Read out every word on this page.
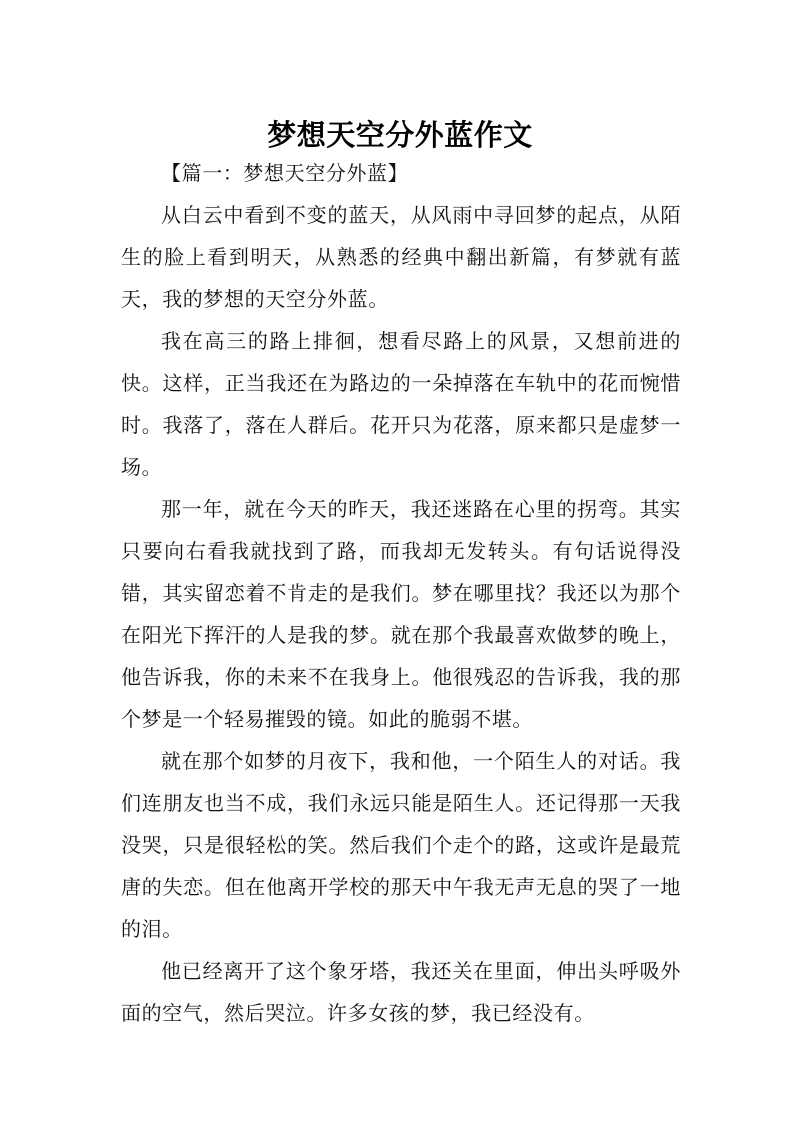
梦想天空分外蓝作文

【篇一：梦想天空分外蓝】

从白云中看到不变的蓝天，从风雨中寻回梦的起点，从陌生的脸上看到明天，从熟悉的经典中翻出新篇，有梦就有蓝天，我的梦想的天空分外蓝。

我在高三的路上排徊，想看尽路上的风景，又想前进的快。这样，正当我还在为路边的一朵掉落在车轨中的花而惋惜时。我落了，落在人群后。花开只为花落，原来都只是虚梦一场。

那一年，就在今天的昨天，我还迷路在心里的拐弯。其实只要向右看我就找到了路，而我却无发转头。有句话说得没错，其实留恋着不肯走的是我们。梦在哪里找？我还以为那个在阳光下挥汗的人是我的梦。就在那个我最喜欢做梦的晚上，他告诉我，你的未来不在我身上。他很残忍的告诉我，我的那个梦是一个轻易摧毁的镜。如此的脆弱不堪。

就在那个如梦的月夜下，我和他，一个陌生人的对话。我们连朋友也当不成，我们永远只能是陌生人。还记得那一天我没哭，只是很轻松的笑。然后我们个走个的路，这或许是最荒唐的失恋。但在他离开学校的那天中午我无声无息的哭了一地的泪。

他已经离开了这个象牙塔，我还关在里面，伸出头呼吸外面的空气，然后哭泣。许多女孩的梦，我已经没有。
